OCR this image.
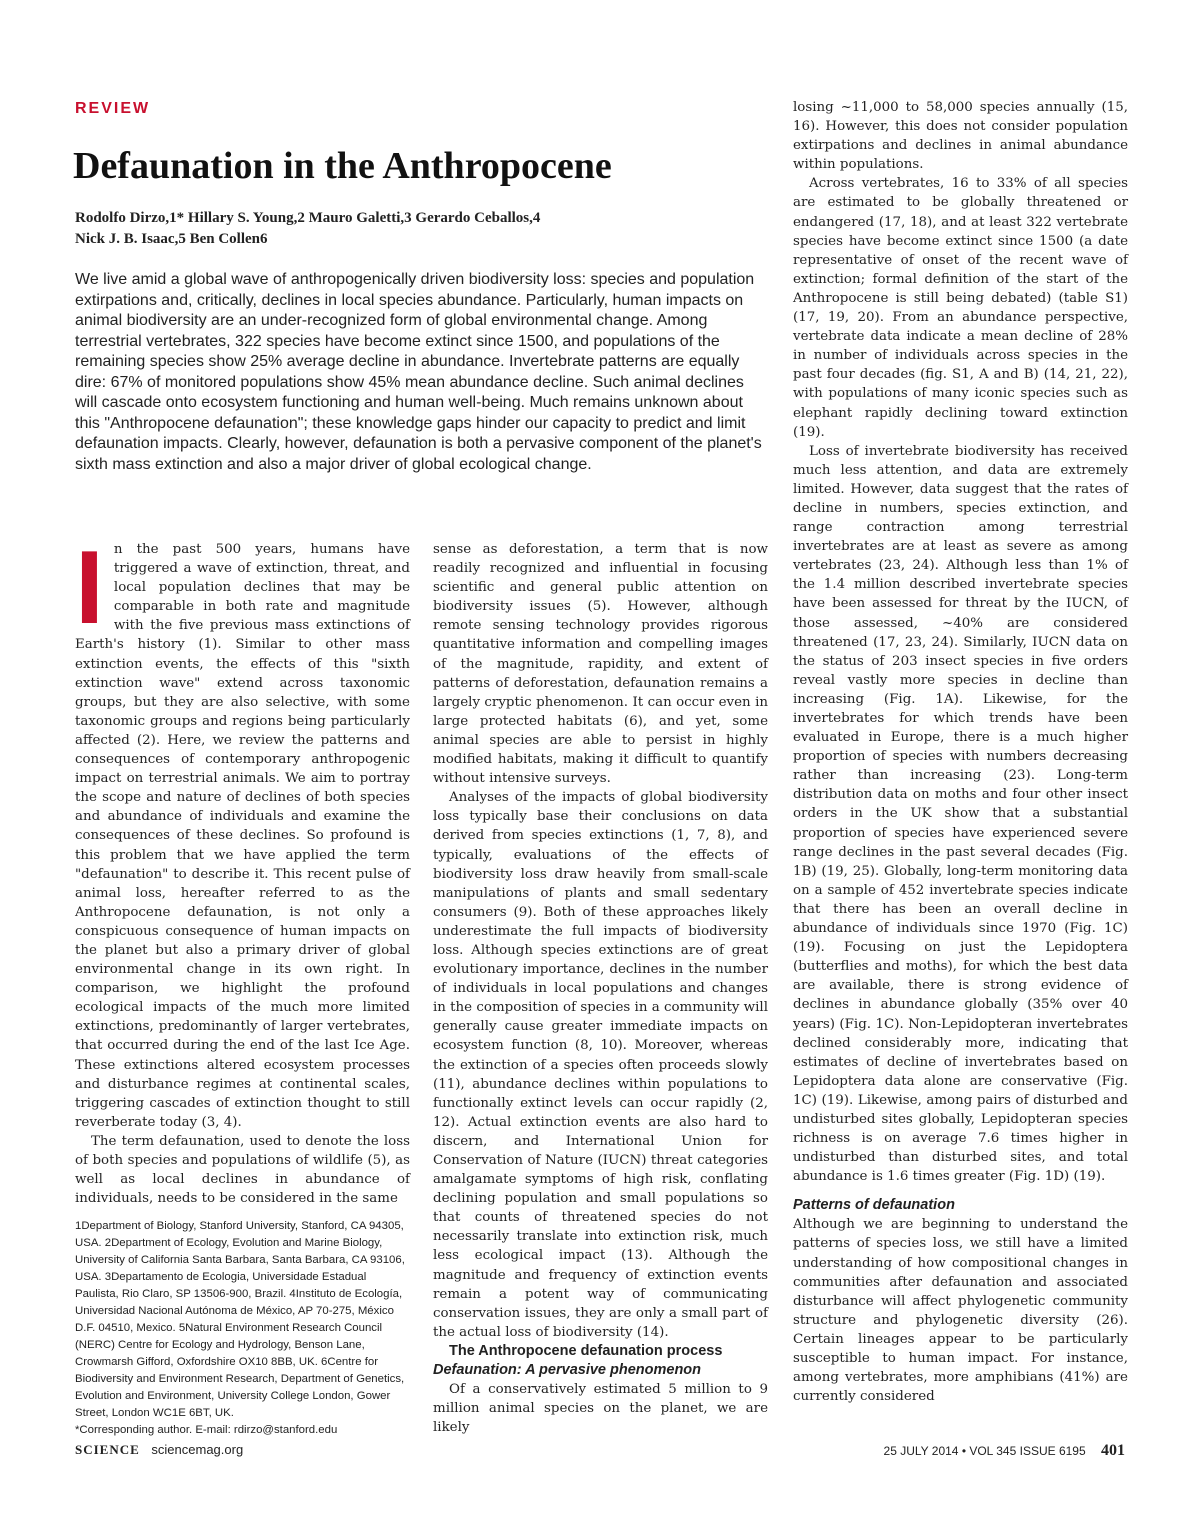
REVIEW
Defaunation in the Anthropocene
Rodolfo Dirzo,1* Hillary S. Young,2 Mauro Galetti,3 Gerardo Ceballos,4
Nick J. B. Isaac,5 Ben Collen6

We live amid a global wave of anthropogenically driven biodiversity loss: species and population extirpations and, critically, declines in local species abundance. Particularly, human impacts on animal biodiversity are an under-recognized form of global environmental change. Among terrestrial vertebrates, 322 species have become extinct since 1500, and populations of the remaining species show 25% average decline in abundance. Invertebrate patterns are equally dire: 67% of monitored populations show 45% mean abundance decline. Such animal declines will cascade onto ecosystem functioning and human well-being. Much remains unknown about this "Anthropocene defaunation"; these knowledge gaps hinder our capacity to predict and limit defaunation impacts. Clearly, however, defaunation is both a pervasive component of the planet's sixth mass extinction and also a major driver of global ecological change.

I n the past 500 years, humans have triggered a wave of extinction, threat, and local population declines that may be comparable in both rate and magnitude with the five previous mass extinctions of Earth's history (1). Similar to other mass extinction events, the effects of this "sixth extinction wave" extend across taxonomic groups, but they are also selective, with some taxonomic groups and regions being particularly affected (2). Here, we review the patterns and consequences of contemporary anthropogenic impact on terrestrial animals. We aim to portray the scope and nature of declines of both species and abundance of individuals and examine the consequences of these declines. So profound is this problem that we have applied the term "defaunation" to describe it. This recent pulse of animal loss, hereafter referred to as the Anthropocene defaunation, is not only a conspicuous consequence of human impacts on the planet but also a primary driver of global environmental change in its own right. In comparison, we highlight the profound ecological impacts of the much more limited extinctions, predominantly of larger vertebrates, that occurred during the end of the last Ice Age. These extinctions altered ecosystem processes and disturbance regimes at continental scales, triggering cascades of extinction thought to still reverberate today (3, 4).

The term defaunation, used to denote the loss of both species and populations of wildlife (5), as well as local declines in abundance of individuals, needs to be considered in the same

1Department of Biology, Stanford University, Stanford, CA 94305, USA. 2Department of Ecology, Evolution and Marine Biology, University of California Santa Barbara, Santa Barbara, CA 93106, USA. 3Departamento de Ecologia, Universidade Estadual Paulista, Rio Claro, SP 13506-900, Brazil. 4Instituto de Ecología, Universidad Nacional Autónoma de México, AP 70-275, México D.F. 04510, Mexico. 5Natural Environment Research Council (NERC) Centre for Ecology and Hydrology, Benson Lane, Crowmarsh Gifford, Oxfordshire OX10 8BB, UK. 6Centre for Biodiversity and Environment Research, Department of Genetics, Evolution and Environment, University College London, Gower Street, London WC1E 6BT, UK.
*Corresponding author. E-mail: rdirzo@stanford.edu

sense as deforestation, a term that is now readily recognized and influential in focusing scientific and general public attention on biodiversity issues (5). However, although remote sensing technology provides rigorous quantitative information and compelling images of the magnitude, rapidity, and extent of patterns of deforestation, defaunation remains a largely cryptic phenomenon. It can occur even in large protected habitats (6), and yet, some animal species are able to persist in highly modified habitats, making it difficult to quantify without intensive surveys.

Analyses of the impacts of global biodiversity loss typically base their conclusions on data derived from species extinctions (1, 7, 8), and typically, evaluations of the effects of biodiversity loss draw heavily from small-scale manipulations of plants and small sedentary consumers (9). Both of these approaches likely underestimate the full impacts of biodiversity loss. Although species extinctions are of great evolutionary importance, declines in the number of individuals in local populations and changes in the composition of species in a community will generally cause greater immediate impacts on ecosystem function (8, 10). Moreover, whereas the extinction of a species often proceeds slowly (11), abundance declines within populations to functionally extinct levels can occur rapidly (2, 12). Actual extinction events are also hard to discern, and International Union for Conservation of Nature (IUCN) threat categories amalgamate symptoms of high risk, conflating declining population and small populations so that counts of threatened species do not necessarily translate into extinction risk, much less ecological impact (13). Although the magnitude and frequency of extinction events remain a potent way of communicating conservation issues, they are only a small part of the actual loss of biodiversity (14).

The Anthropocene defaunation process

Defaunation: A pervasive phenomenon

Of a conservatively estimated 5 million to 9 million animal species on the planet, we are likely

losing ~11,000 to 58,000 species annually (15, 16). However, this does not consider population extirpations and declines in animal abundance within populations.

Across vertebrates, 16 to 33% of all species are estimated to be globally threatened or endangered (17, 18), and at least 322 vertebrate species have become extinct since 1500 (a date representative of onset of the recent wave of extinction; formal definition of the start of the Anthropocene is still being debated) (table S1) (17, 19, 20). From an abundance perspective, vertebrate data indicate a mean decline of 28% in number of individuals across species in the past four decades (fig. S1, A and B) (14, 21, 22), with populations of many iconic species such as elephant rapidly declining toward extinction (19).

Loss of invertebrate biodiversity has received much less attention, and data are extremely limited. However, data suggest that the rates of decline in numbers, species extinction, and range contraction among terrestrial invertebrates are at least as severe as among vertebrates (23, 24). Although less than 1% of the 1.4 million described invertebrate species have been assessed for threat by the IUCN, of those assessed, ~40% are considered threatened (17, 23, 24). Similarly, IUCN data on the status of 203 insect species in five orders reveal vastly more species in decline than increasing (Fig. 1A). Likewise, for the invertebrates for which trends have been evaluated in Europe, there is a much higher proportion of species with numbers decreasing rather than increasing (23). Long-term distribution data on moths and four other insect orders in the UK show that a substantial proportion of species have experienced severe range declines in the past several decades (Fig. 1B) (19, 25). Globally, long-term monitoring data on a sample of 452 invertebrate species indicate that there has been an overall decline in abundance of individuals since 1970 (Fig. 1C) (19). Focusing on just the Lepidoptera (butterflies and moths), for which the best data are available, there is strong evidence of declines in abundance globally (35% over 40 years) (Fig. 1C). Non-Lepidopteran invertebrates declined considerably more, indicating that estimates of decline of invertebrates based on Lepidoptera data alone are conservative (Fig. 1C) (19). Likewise, among pairs of disturbed and undisturbed sites globally, Lepidopteran species richness is on average 7.6 times higher in undisturbed than disturbed sites, and total abundance is 1.6 times greater (Fig. 1D) (19).

Patterns of defaunation

Although we are beginning to understand the patterns of species loss, we still have a limited understanding of how compositional changes in communities after defaunation and associated disturbance will affect phylogenetic community structure and phylogenetic diversity (26). Certain lineages appear to be particularly susceptible to human impact. For instance, among vertebrates, more amphibians (41%) are currently considered

SCIENCE sciencemag.org	25 JULY 2014 • VOL 345 ISSUE 6195 401
